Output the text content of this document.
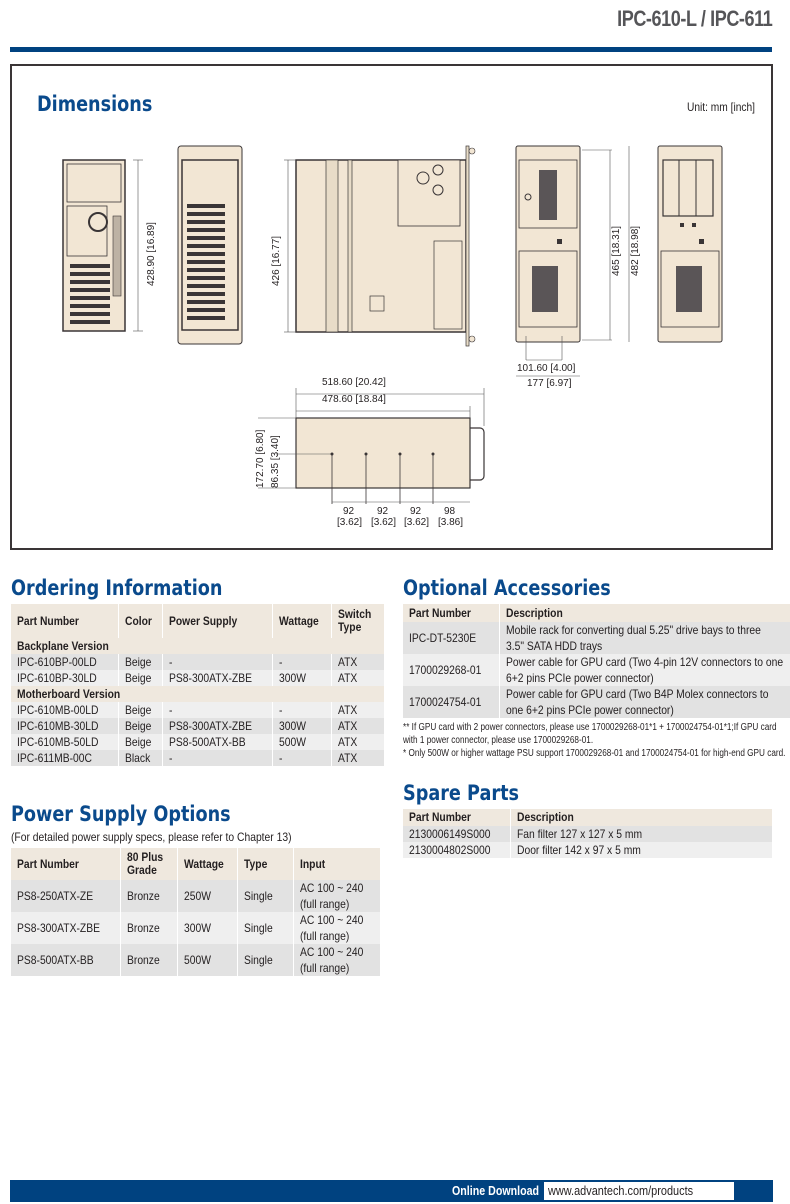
IPC-610-L / IPC-611
Dimensions	Unit: mm [inch]
428.90 [16.89]	426 [16.77]	465 [18.31] 482 [18.98]
101.60 [4.00]
177 [6.97]
518.60 [20.42]
478.60 [18.84]
172.70 [6.80] 86.35 [3.40]
92
[3.62]
92
[3.62]
92
[3.62]
98
[3.86]
Ordering Information
Part Number	Color	Power Supply	Wattage	Switch Type
Backplane Version				
IPC-610BP-00LD	Beige	-	-	ATX
IPC-610BP-30LD	Beige	PS8-300ATX-ZBE	300W	ATX
Motherboard Version				
IPC-610MB-00LD	Beige	-	-	ATX
IPC-610MB-30LD	Beige	PS8-300ATX-ZBE	300W	ATX
IPC-610MB-50LD	Beige	PS8-500ATX-BB	500W	ATX
IPC-611MB-00C	Black	-	-	ATX
Power Supply Options
(For detailed power supply specs, please refer to Chapter 13)
Part Number	80 Plus Grade	Wattage	Type	Input
PS8-250ATX-ZE	Bronze	250W	Single	AC 100 ~ 240
(full range)
PS8-300ATX-ZBE	Bronze	300W	Single	AC 100 ~ 240
(full range)
PS8-500ATX-BB	Bronze	500W	Single	AC 100 ~ 240
(full range)
Optional Accessories
Part Number	Description
IPC-DT-5230E	Mobile rack for converting dual 5.25" drive bays to three
3.5" SATA HDD trays
1700029268-01	Power cable for GPU card (Two 4-pin 12V connectors to one
6+2 pins PCIe power connector)
1700024754-01	Power cable for GPU card (Two B4P Molex connectors to
one 6+2 pins PCIe power connector)

** If GPU card with 2 power connectors, please use 1700029268-01*1 + 1700024754-01*1;If GPU card

with 1 power connector, please use 1700029268-01.

* Only 500W or higher wattage PSU support 1700029268-01 and 1700024754-01 for high-end GPU card.

Spare Parts
Part Number	Description
2130006149S000	Fan filter 127 x 127 x 5 mm
2130004802S000	Door filter 142 x 97 x 5 mm
Online Download www.advantech.com/products
